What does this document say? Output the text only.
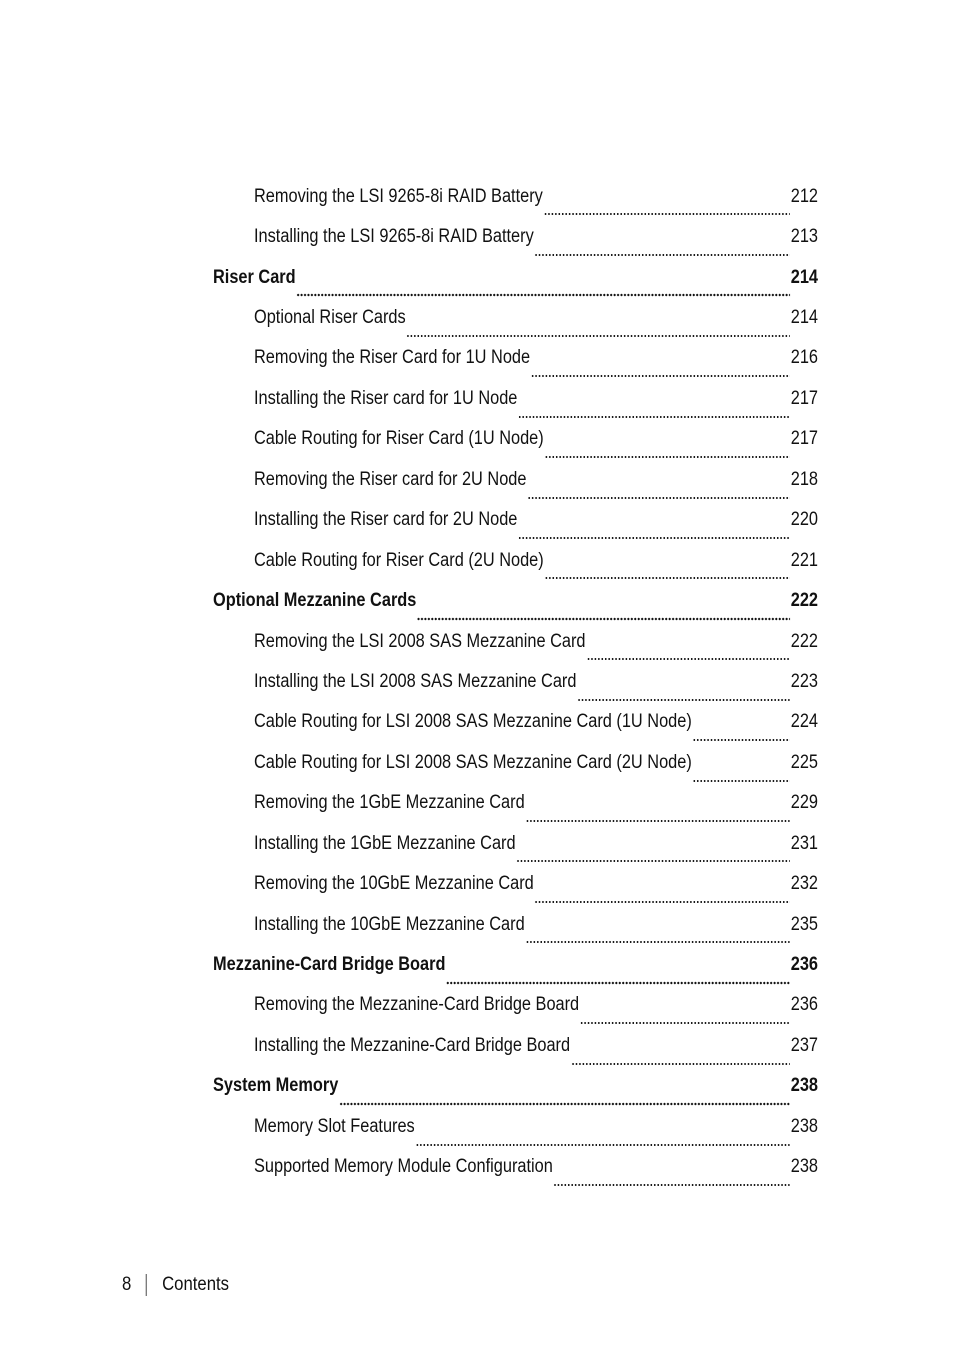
Removing the LSI 9265-8i RAID Battery	212
Installing the LSI 9265-8i RAID Battery	213
Riser Card	214
Optional Riser Cards	214
Removing the Riser Card for 1U Node	216
Installing the Riser card for 1U Node	217
Cable Routing for Riser Card (1U Node)	217
Removing the Riser card for 2U Node	218
Installing the Riser card for 2U Node	220
Cable Routing for Riser Card (2U Node)	221
Optional Mezzanine Cards	222
Removing the LSI 2008 SAS Mezzanine Card	222
Installing the LSI 2008 SAS Mezzanine Card	223
Cable Routing for LSI 2008 SAS Mezzanine Card (1U Node)	224
Cable Routing for LSI 2008 SAS Mezzanine Card (2U Node)	225
Removing the 1GbE Mezzanine Card	229
Installing the 1GbE Mezzanine Card	231
Removing the 10GbE Mezzanine Card	232
Installing the 10GbE Mezzanine Card	235
Mezzanine-Card Bridge Board	236
Removing the Mezzanine-Card Bridge Board	236
Installing the Mezzanine-Card Bridge Board	237
System Memory	238
Memory Slot Features	238
Supported Memory Module Configuration	238
8 Contents
